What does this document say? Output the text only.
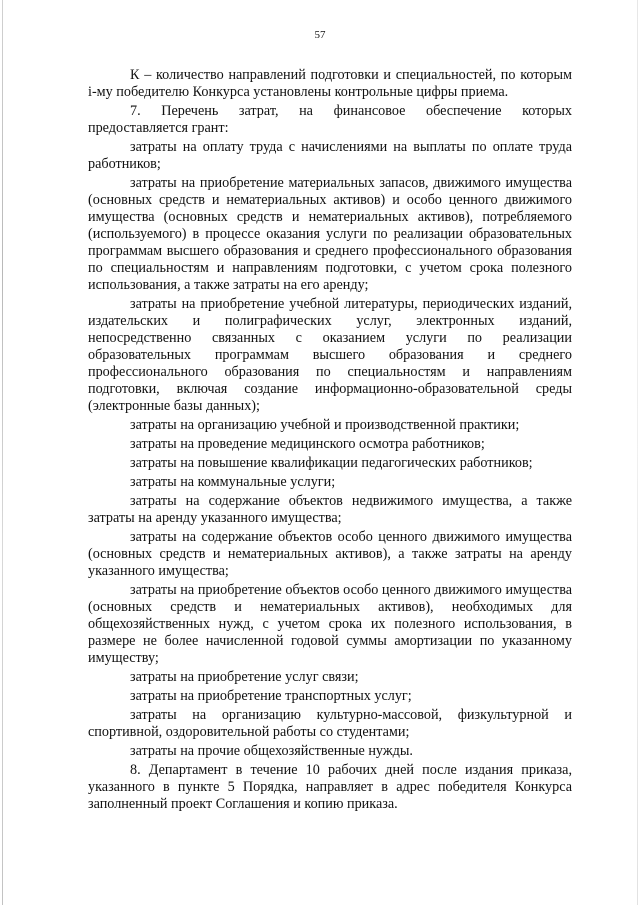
57

К – количество направлений подготовки и специальностей, по которым i-му победителю Конкурса установлены контрольные цифры приема.

7. Перечень затрат, на финансовое обеспечение которых предоставляется грант:

затраты на оплату труда с начислениями на выплаты по оплате труда работников;

затраты на приобретение материальных запасов, движимого имущества (основных средств и нематериальных активов) и особо ценного движимого имущества (основных средств и нематериальных активов), потребляемого (используемого) в процессе оказания услуги по реализации образовательных программам высшего образования и среднего профессионального образования по специальностям и направлениям подготовки, с учетом срока полезного использования, а также затраты на его аренду;

затраты на приобретение учебной литературы, периодических изданий, издательских и полиграфических услуг, электронных изданий, непосредственно связанных с оказанием услуги по реализации образовательных программам высшего образования и среднего профессионального образования по специальностям и направлениям подготовки, включая создание информационно-образовательной среды (электронные базы данных);

затраты на организацию учебной и производственной практики;

затраты на проведение медицинского осмотра работников;

затраты на повышение квалификации педагогических работников;

затраты на коммунальные услуги;

затраты на содержание объектов недвижимого имущества, а также затраты на аренду указанного имущества;

затраты на содержание объектов особо ценного движимого имущества (основных средств и нематериальных активов), а также затраты на аренду указанного имущества;

затраты на приобретение объектов особо ценного движимого имущества (основных средств и нематериальных активов), необходимых для общехозяйственных нужд, с учетом срока их полезного использования, в размере не более начисленной годовой суммы амортизации по указанному имуществу;

затраты на приобретение услуг связи;

затраты на приобретение транспортных услуг;

затраты на организацию культурно-массовой, физкультурной и спортивной, оздоровительной работы со студентами;

затраты на прочие общехозяйственные нужды.

8. Департамент в течение 10 рабочих дней после издания приказа, указанного в пункте 5 Порядка, направляет в адрес победителя Конкурса заполненный проект Соглашения и копию приказа.
